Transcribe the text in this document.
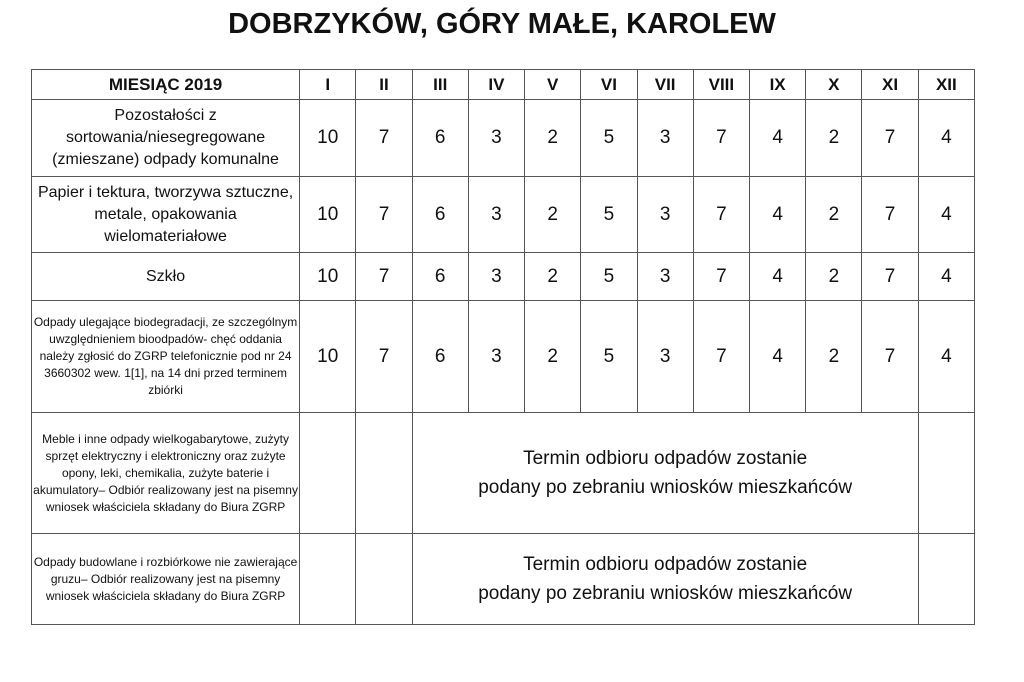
DOBRZYKÓW, GÓRY MAŁE, KAROLEW
MIESIĄC 2019	I	II	III	IV	V	VI	VII	VIII	IX	X	XI	XII
Pozostałości z sortowania/niesegregowane (zmieszane) odpady komunalne	10	7	6	3	2	5	3	7	4	2	7	4
Papier i tektura, tworzywa sztuczne, metale, opakowania wielomateriałowe	10	7	6	3	2	5	3	7	4	2	7	4
Szkło	10	7	6	3	2	5	3	7	4	2	7	4
Odpady ulegające biodegradacji, ze szczególnym uwzględnieniem bioodpadów- chęć oddania należy zgłosić do ZGRP telefonicznie pod nr 24 3660302 wew. 1[1], na 14 dni przed terminem zbiórki	10	7	6	3	2	5	3	7	4	2	7	4
Meble i inne odpady wielkogabarytowe, zużyty sprzęt elektryczny i elektroniczny oraz zużyte opony, leki, chemikalia, zużyte baterie i akumulatory– Odbiór realizowany jest na pisemny wniosek właściciela składany do Biura ZGRP			Termin odbioru odpadów zostanie
podany po zebraniu wniosków mieszkańców									

Odpady budowlane i rozbiórkowe nie zawierające gruzu– Odbiór realizowany jest na pisemny wniosek właściciela składany do Biura ZGRP			Termin odbioru odpadów zostanie
podany po zebraniu wniosków mieszkańców									
